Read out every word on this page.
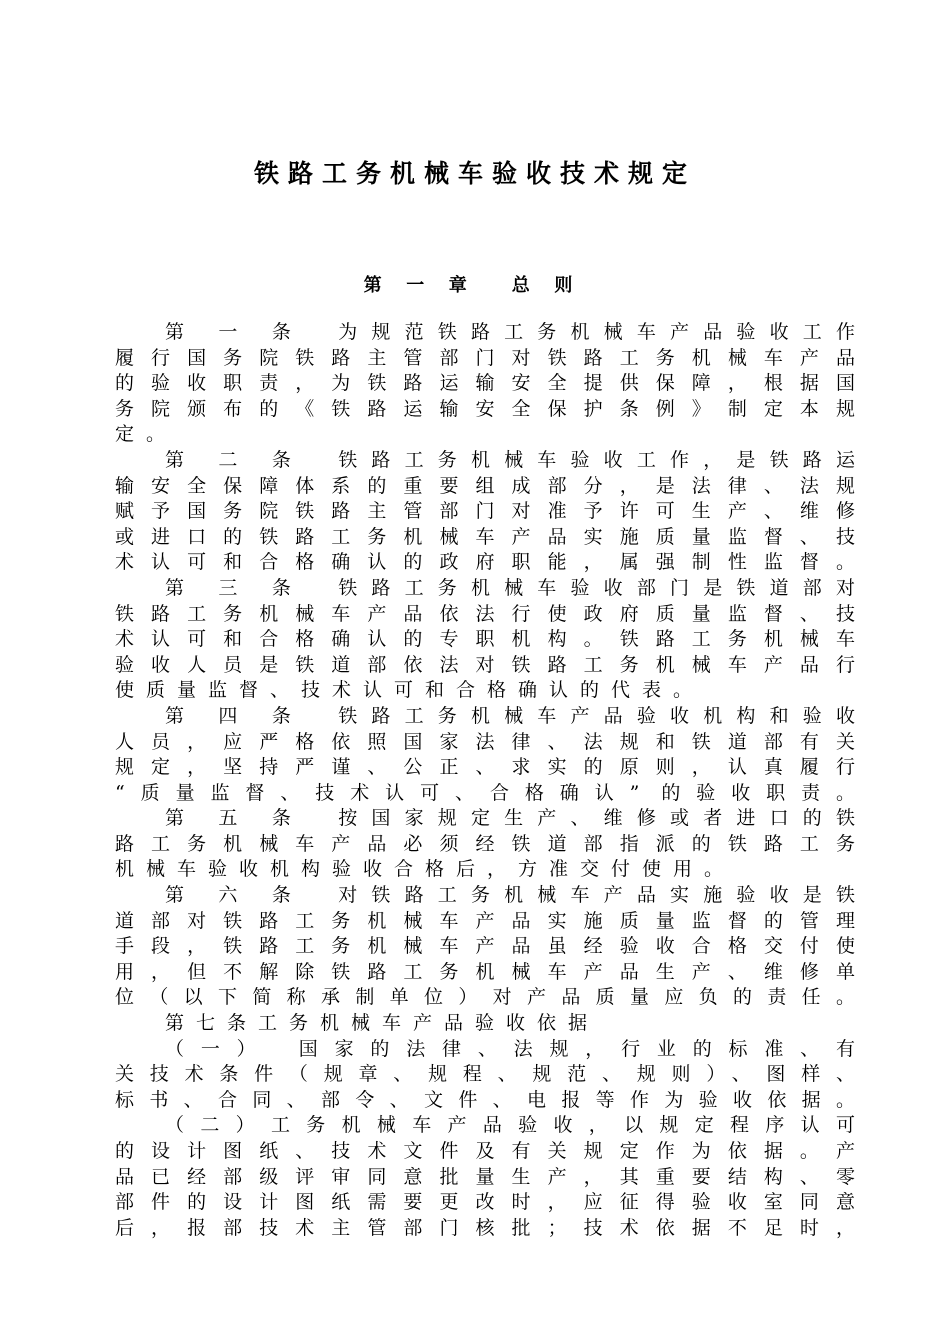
铁路工务机械车验收技术规定
第  一  章    总  则
第 一 条　为规范铁路工务机械车产品验收工作
履行国务院铁路主管部门对铁路工务机械车产品
的验收职责，为铁路运输安全提供保障，根据国
务院颁布的《铁路运输安全保护条例》制定本规
定。
第 二 条　铁路工务机械车验收工作，是铁路运
输安全保障体系的重要组成部分，是法律、法规
赋予国务院铁路主管部门对准予许可生产、维修
或进口的铁路工务机械车产品实施质量监督、技
术认可和合格确认的政府职能，属强制性监督。
第 三 条　铁路工务机械车验收部门是铁道部对
铁路工务机械车产品依法行使政府质量监督、技
术认可和合格确认的专职机构。铁路工务机械车
验收人员是铁道部依法对铁路工务机械车产品行
使质量监督、技术认可和合格确认的代表。
第 四 条　铁路工务机械车产品验收机构和验收
人员，应严格依照国家法律、法规和铁道部有关
规定，坚持严谨、公正、求实的原则，认真履行
“质量监督、技术认可、合格确认” 的验收职责。
第 五 条　按国家规定生产、维修或者进口的铁
路工务机械车产品必须经铁道部指派的铁路工务
机械车验收机构验收合格后，方准交付使用。
第 六 条　对铁路工务机械车产品实施验收是铁
道部对铁路工务机械车产品实施质量监督的管理
手段，铁路工务机械车产品虽经验收合格交付使
用，但不解除铁路工务机械车产品生产、维修单
位（以下简称承制单位）对产品质量应负的责任。
第七条工务机械车产品验收依据
（一）　国家的法律、法规，行业的标准、有
关技术条件（规章、规程、规范、规则）、图样、
标书、合同、部令、文件、电报等作为验收依据。
（二）工务机械车产品验收，以规定程序认可
的设计图纸、技术文件及有关规定作为依据。产
品已经部级评审同意批量生产，其重要结构、零
部件的设计图纸需要更改时，应征得验收室同意
后，报部技术主管部门核批；技术依据不足时，
